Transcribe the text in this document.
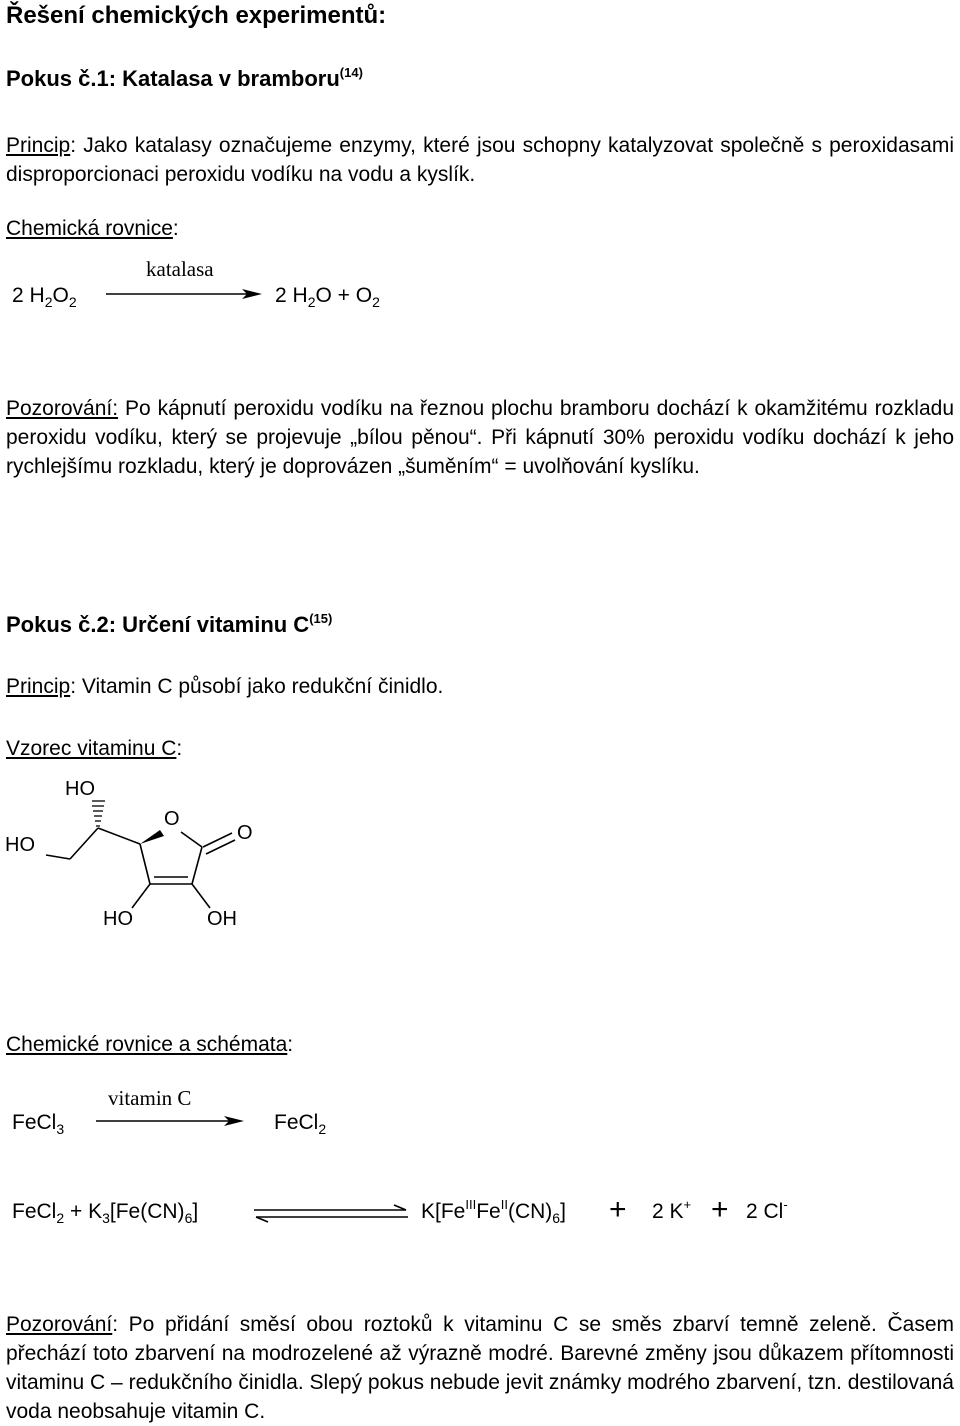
Řešení chemických experimentů:
Pokus č.1: Katalasa v bramboru$^{(14)}$
Princip: Jako katalasy označujeme enzymy, které jsou schopny katalyzovat společně s peroxidasami disproporcionaci peroxidu vodíku na vodu a kyslík.
Chemická rovnice:
katalasa
2 $H_2O_2$	2 $H_2O + O_2$
Pozorování: Po kápnutí peroxidu vodíku na řeznou plochu bramboru dochází k okamžitému rozkladu peroxidu vodíku, který se projevuje „bílou pěnou“. Při kápnutí 30% peroxidu vodíku dochází k jeho rychlejšímu rozkladu, který je doprovázen „šuměním“ = uvolňování kyslíku.
Pokus č.2: Určení vitaminu $C^{(15)}$
Princip: Vitamin C působí jako redukční činidlo.
Vzorec vitaminu C:
HO
HO
O
O
HO	OH
Chemické rovnice a schémata:
vitamin C
FeCl$_3$	FeCl$_2$
FeCl$_2$ + $K_3[Fe(CN)_6]$	$K[Fe^{III}Fe^{II}(CN)_6] + 2$ K+ + 2 Cl-
Pozorování: Po přidání směsí obou roztoků k vitaminu C se směs zbarví temně zeleně. Časem přechází toto zbarvení na modrozelené až výrazně modré. Barevné změny jsou důkazem přítomnosti vitaminu C – redukčního činidla. Slepý pokus nebude jevit známky modrého zbarvení, tzn. destilovaná voda neobsahuje vitamin C.
